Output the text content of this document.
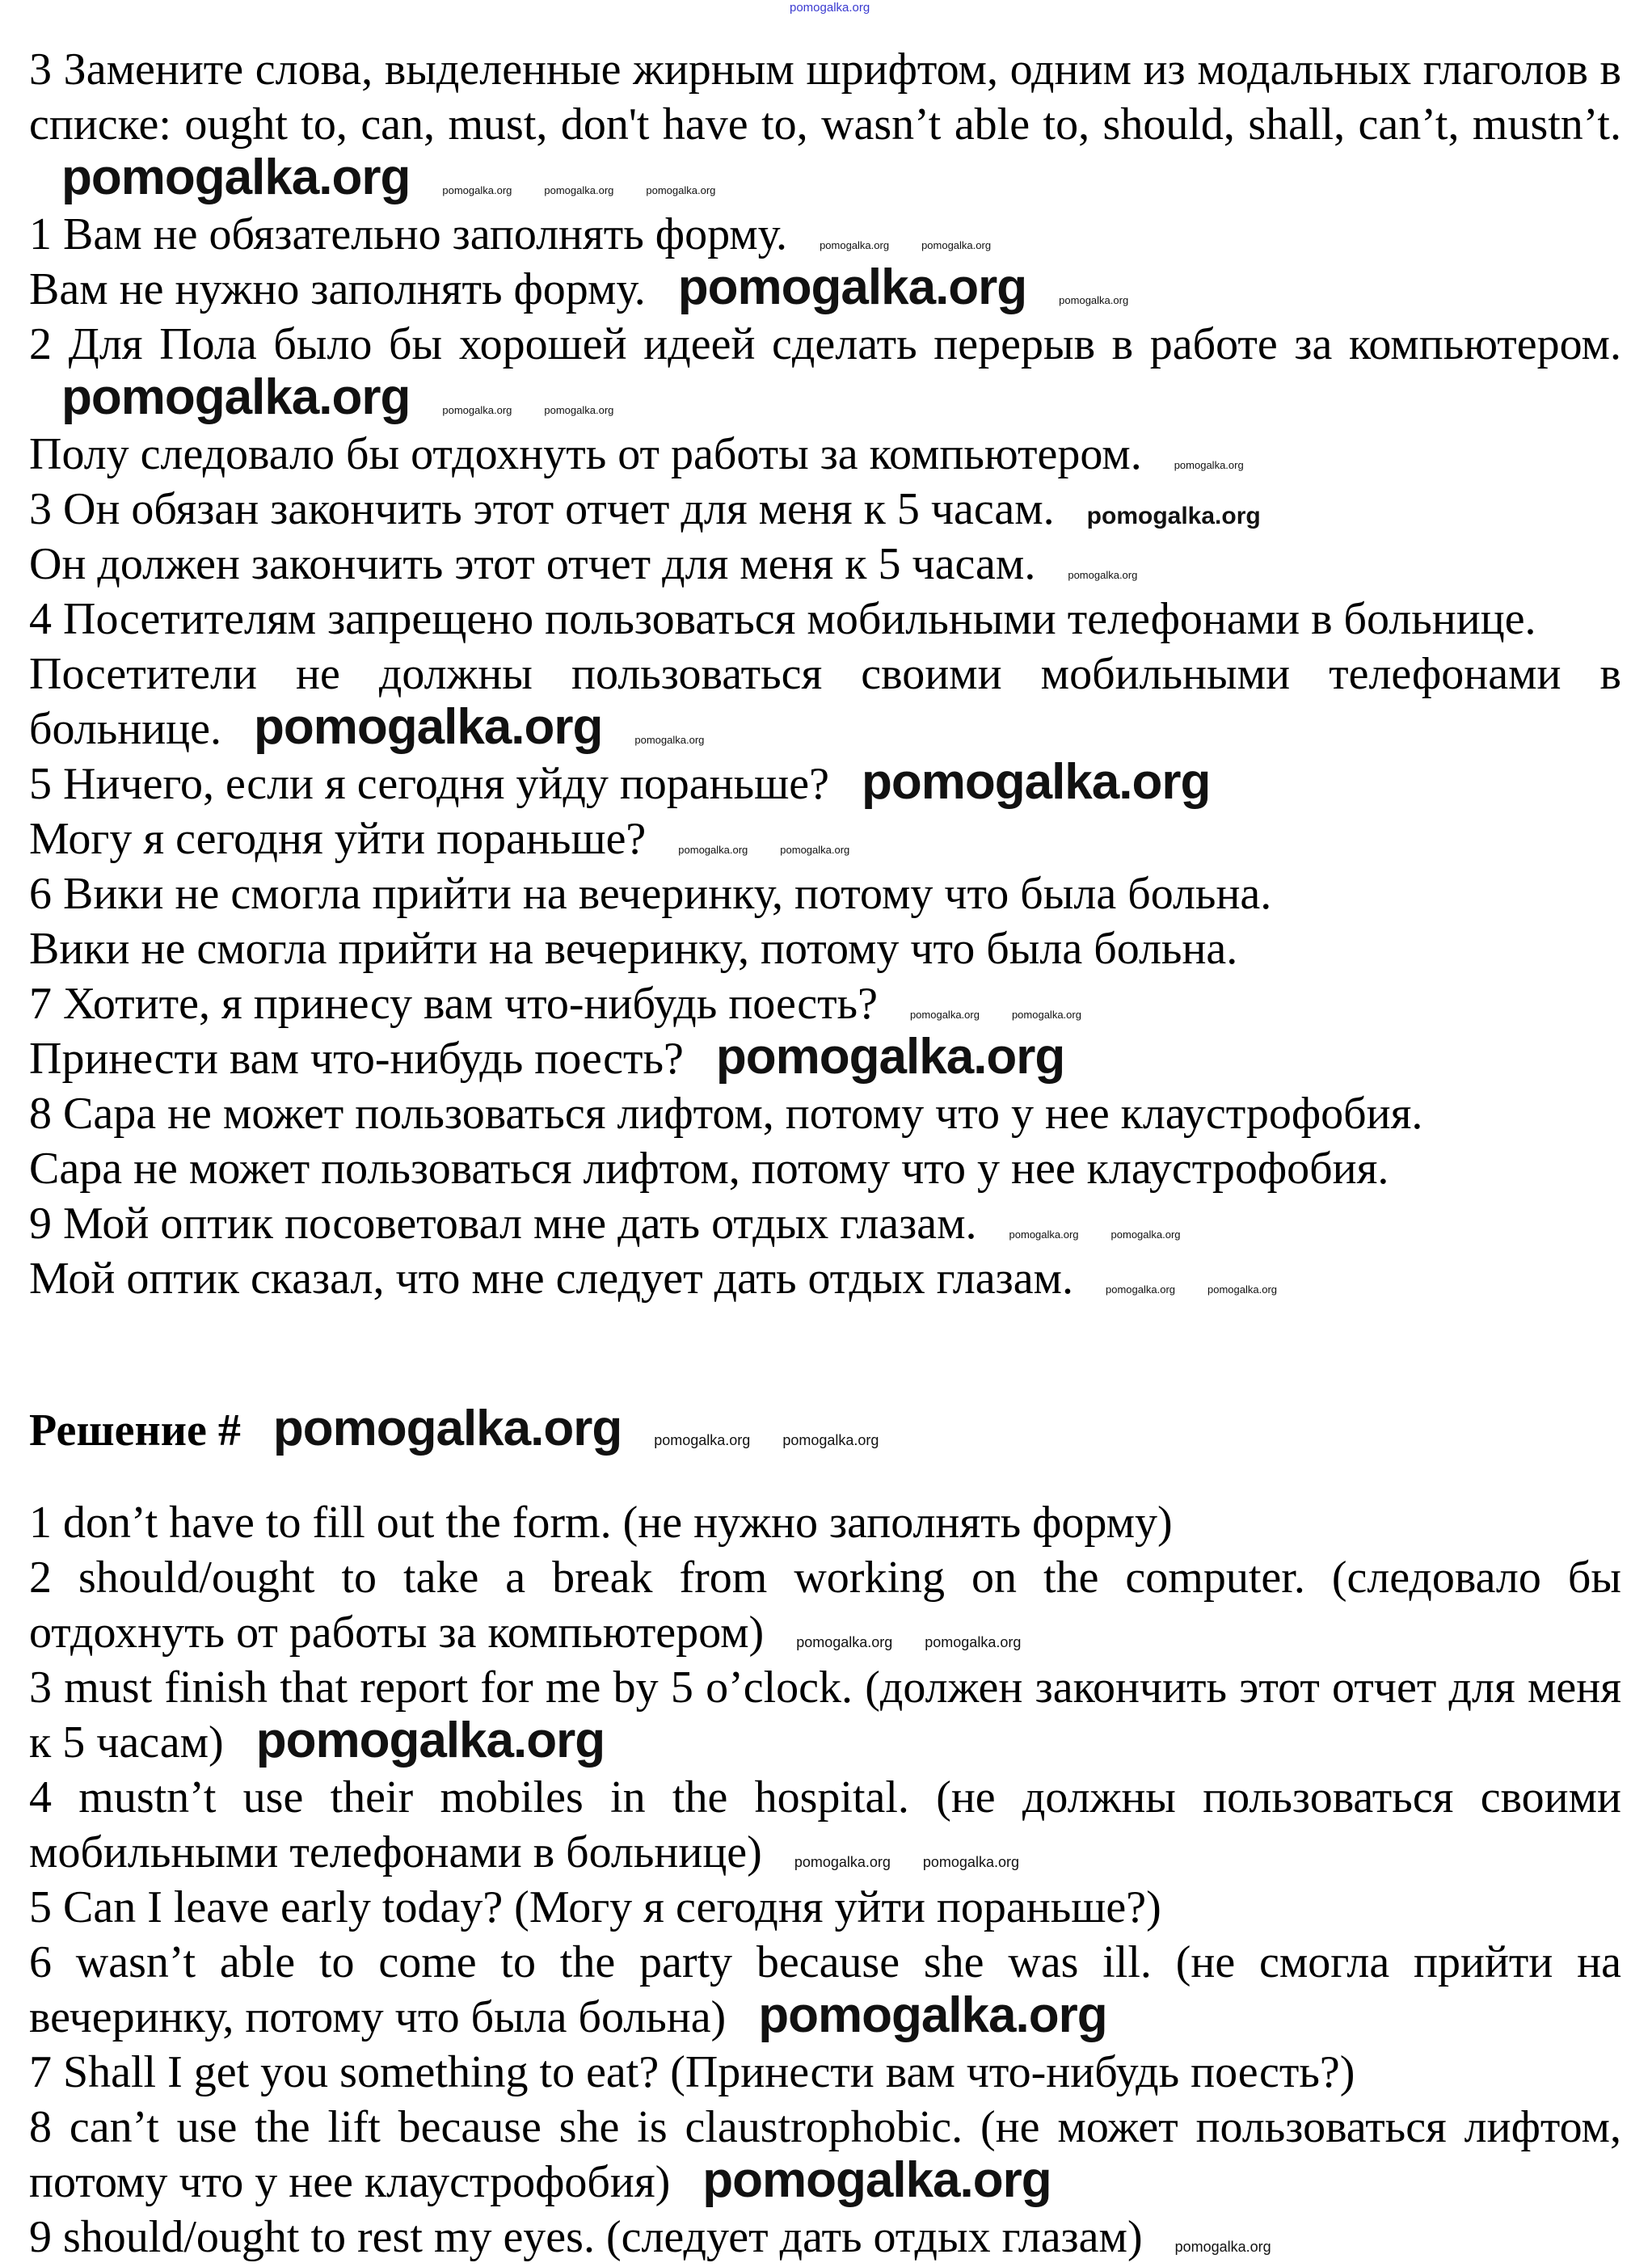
pomogalka.org

3 Замените слова, выделенные жирным шрифтом, одним из модальных глаголов в списке: ought to, can, must, don't have to, wasn’t able to, should, shall, can’t, mustn’t.pomogalka.org	pomogalka.org	pomogalka.org	pomogalka.org

1 Вам не обязательно заполнять форму.	pomogalka.org	pomogalka.org

Вам не нужно заполнять форму. pomogalka.org	pomogalka.org

2 Для Пола было бы хорошей идеей сделать перерыв в работе за компьютером.pomogalka.org	pomogalka.org	pomogalka.org

Полу следовало бы отдохнуть от работы за компьютером.	pomogalka.org

3 Он обязан закончить этот отчет для меня к 5 часам. pomogalka.org

Он должен закончить этот отчет для меня к 5 часам.	pomogalka.org

4 Посетителям запрещено пользоваться мобильными телефонами в больнице.

Посетители не должны пользоваться своими мобильными телефонами в больнице. pomogalka.org	pomogalka.org

5 Ничего, если я сегодня уйду пораньше? pomogalka.org

Могу я сегодня уйти пораньше?	pomogalka.org	pomogalka.org

6 Вики не смогла прийти на вечеринку, потому что была больна.

Вики не смогла прийти на вечеринку, потому что была больна.

7 Хотите, я принесу вам что-нибудь поесть?	pomogalka.org	pomogalka.org

Принести вам что-нибудь поесть? pomogalka.org

8 Сара не может пользоваться лифтом, потому что у нее клаустрофобия.

Сара не может пользоваться лифтом, потому что у нее клаустрофобия.

9 Мой оптик посоветовал мне дать отдых глазам.	pomogalka.org	pomogalka.org

Мой оптик сказал, что мне следует дать отдых глазам.	pomogalka.org	pomogalka.org

Решение # pomogalka.org pomogalka.org pomogalka.org

1 don’t have to fill out the form. (не нужно заполнять форму)

2 should/ought to take a break from working on the computer. (следовало бы отдохнуть от работы за компьютером) pomogalka.org pomogalka.org

3 must finish that report for me by 5 o’clock. (должен закончить этот отчет для меня к 5 часам) pomogalka.org

4 mustn’t use their mobiles in the hospital. (не должны пользоваться своими мобильными телефонами в больнице) pomogalka.org pomogalka.org

5 Can I leave early today? (Могу я сегодня уйти пораньше?)

6 wasn’t able to come to the party because she was ill. (не смогла прийти на вечеринку, потому что была больна) pomogalka.org

7 Shall I get you something to eat? (Принести вам что-нибудь поесть?)

8 can’t use the lift because she is claustrophobic. (не может пользоваться лифтом, потому что у нее клаустрофобия) pomogalka.org

9 should/ought to rest my eyes. (следует дать отдых глазам) pomogalka.org
